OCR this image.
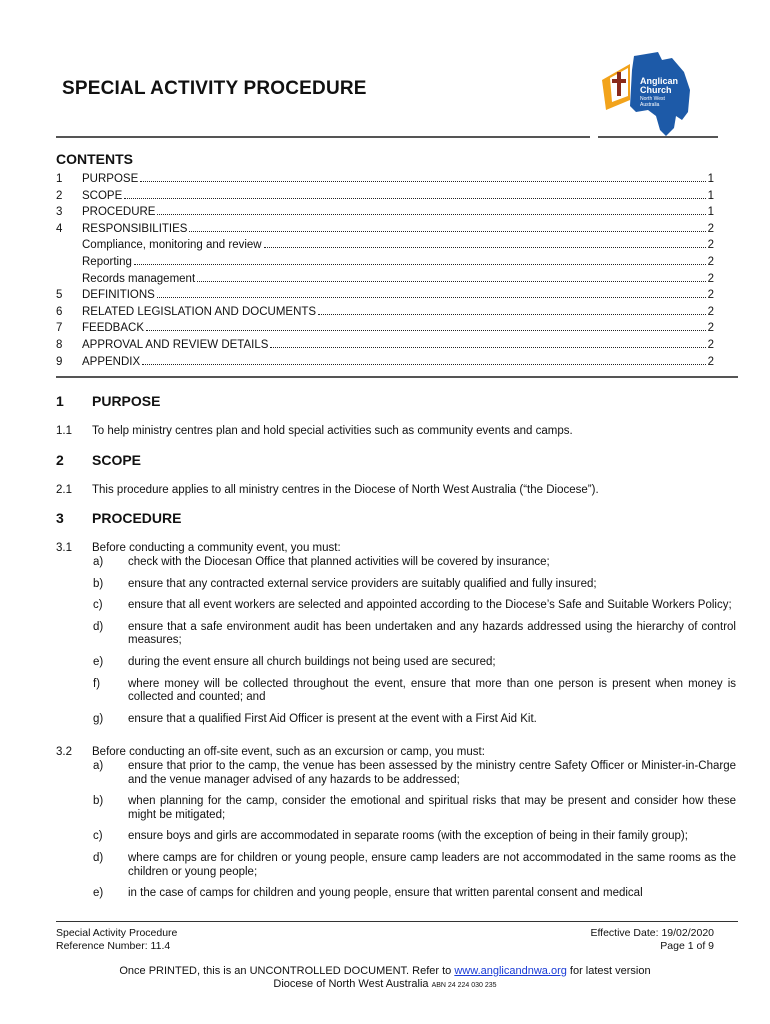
SPECIAL ACTIVITY PROCEDURE	Anglican
Church
North West
Australia
CONTENTS
1	PURPOSE	1
2	SCOPE	1
3	PROCEDURE	1
4	RESPONSIBILITIES	2
Compliance, monitoring and review	2
Reporting	2
Records management	2
5	DEFINITIONS	2
6	RELATED LEGISLATION AND DOCUMENTS	2
7	FEEDBACK	2
8	APPROVAL AND REVIEW DETAILS	2
9	APPENDIX	2
1	PURPOSE
1.1	To help ministry centres plan and hold special activities such as community events and camps.
2	SCOPE
2.1	This procedure applies to all ministry centres in the Diocese of North West Australia (“the Diocese”).
3	PROCEDURE
3.1	Before conducting a community event, you must:
a)	check with the Diocesan Office that planned activities will be covered by insurance;
b)	ensure that any contracted external service providers are suitably qualified and fully insured;
c)	ensure that all event workers are selected and appointed according to the Diocese’s Safe and Suitable Workers Policy;
d)	ensure that a safe environment audit has been undertaken and any hazards addressed using the hierarchy of control measures;
e)	during the event ensure all church buildings not being used are secured;
f)	where money will be collected throughout the event, ensure that more than one person is present when money is collected and counted; and
g)	ensure that a qualified First Aid Officer is present at the event with a First Aid Kit.
3.2	Before conducting an off-site event, such as an excursion or camp, you must:
a)	ensure that prior to the camp, the venue has been assessed by the ministry centre Safety Officer or Minister-in-Charge and the venue manager advised of any hazards to be addressed;
b)	when planning for the camp, consider the emotional and spiritual risks that may be present and consider how these might be mitigated;
c)	ensure boys and girls are accommodated in separate rooms (with the exception of being in their family group);
d)	where camps are for children or young people, ensure camp leaders are not accommodated in the same rooms as the children or young people;
e)	in the case of camps for children and young people, ensure that written parental consent and medical
Special Activity Procedure
Reference Number: 11.4
Effective Date: 19/02/2020
Page 1 of 9
Once PRINTED, this is an UNCONTROLLED DOCUMENT. Refer to www.anglicandnwa.org for latest version
Diocese of North West Australia ABN 24 224 030 235
